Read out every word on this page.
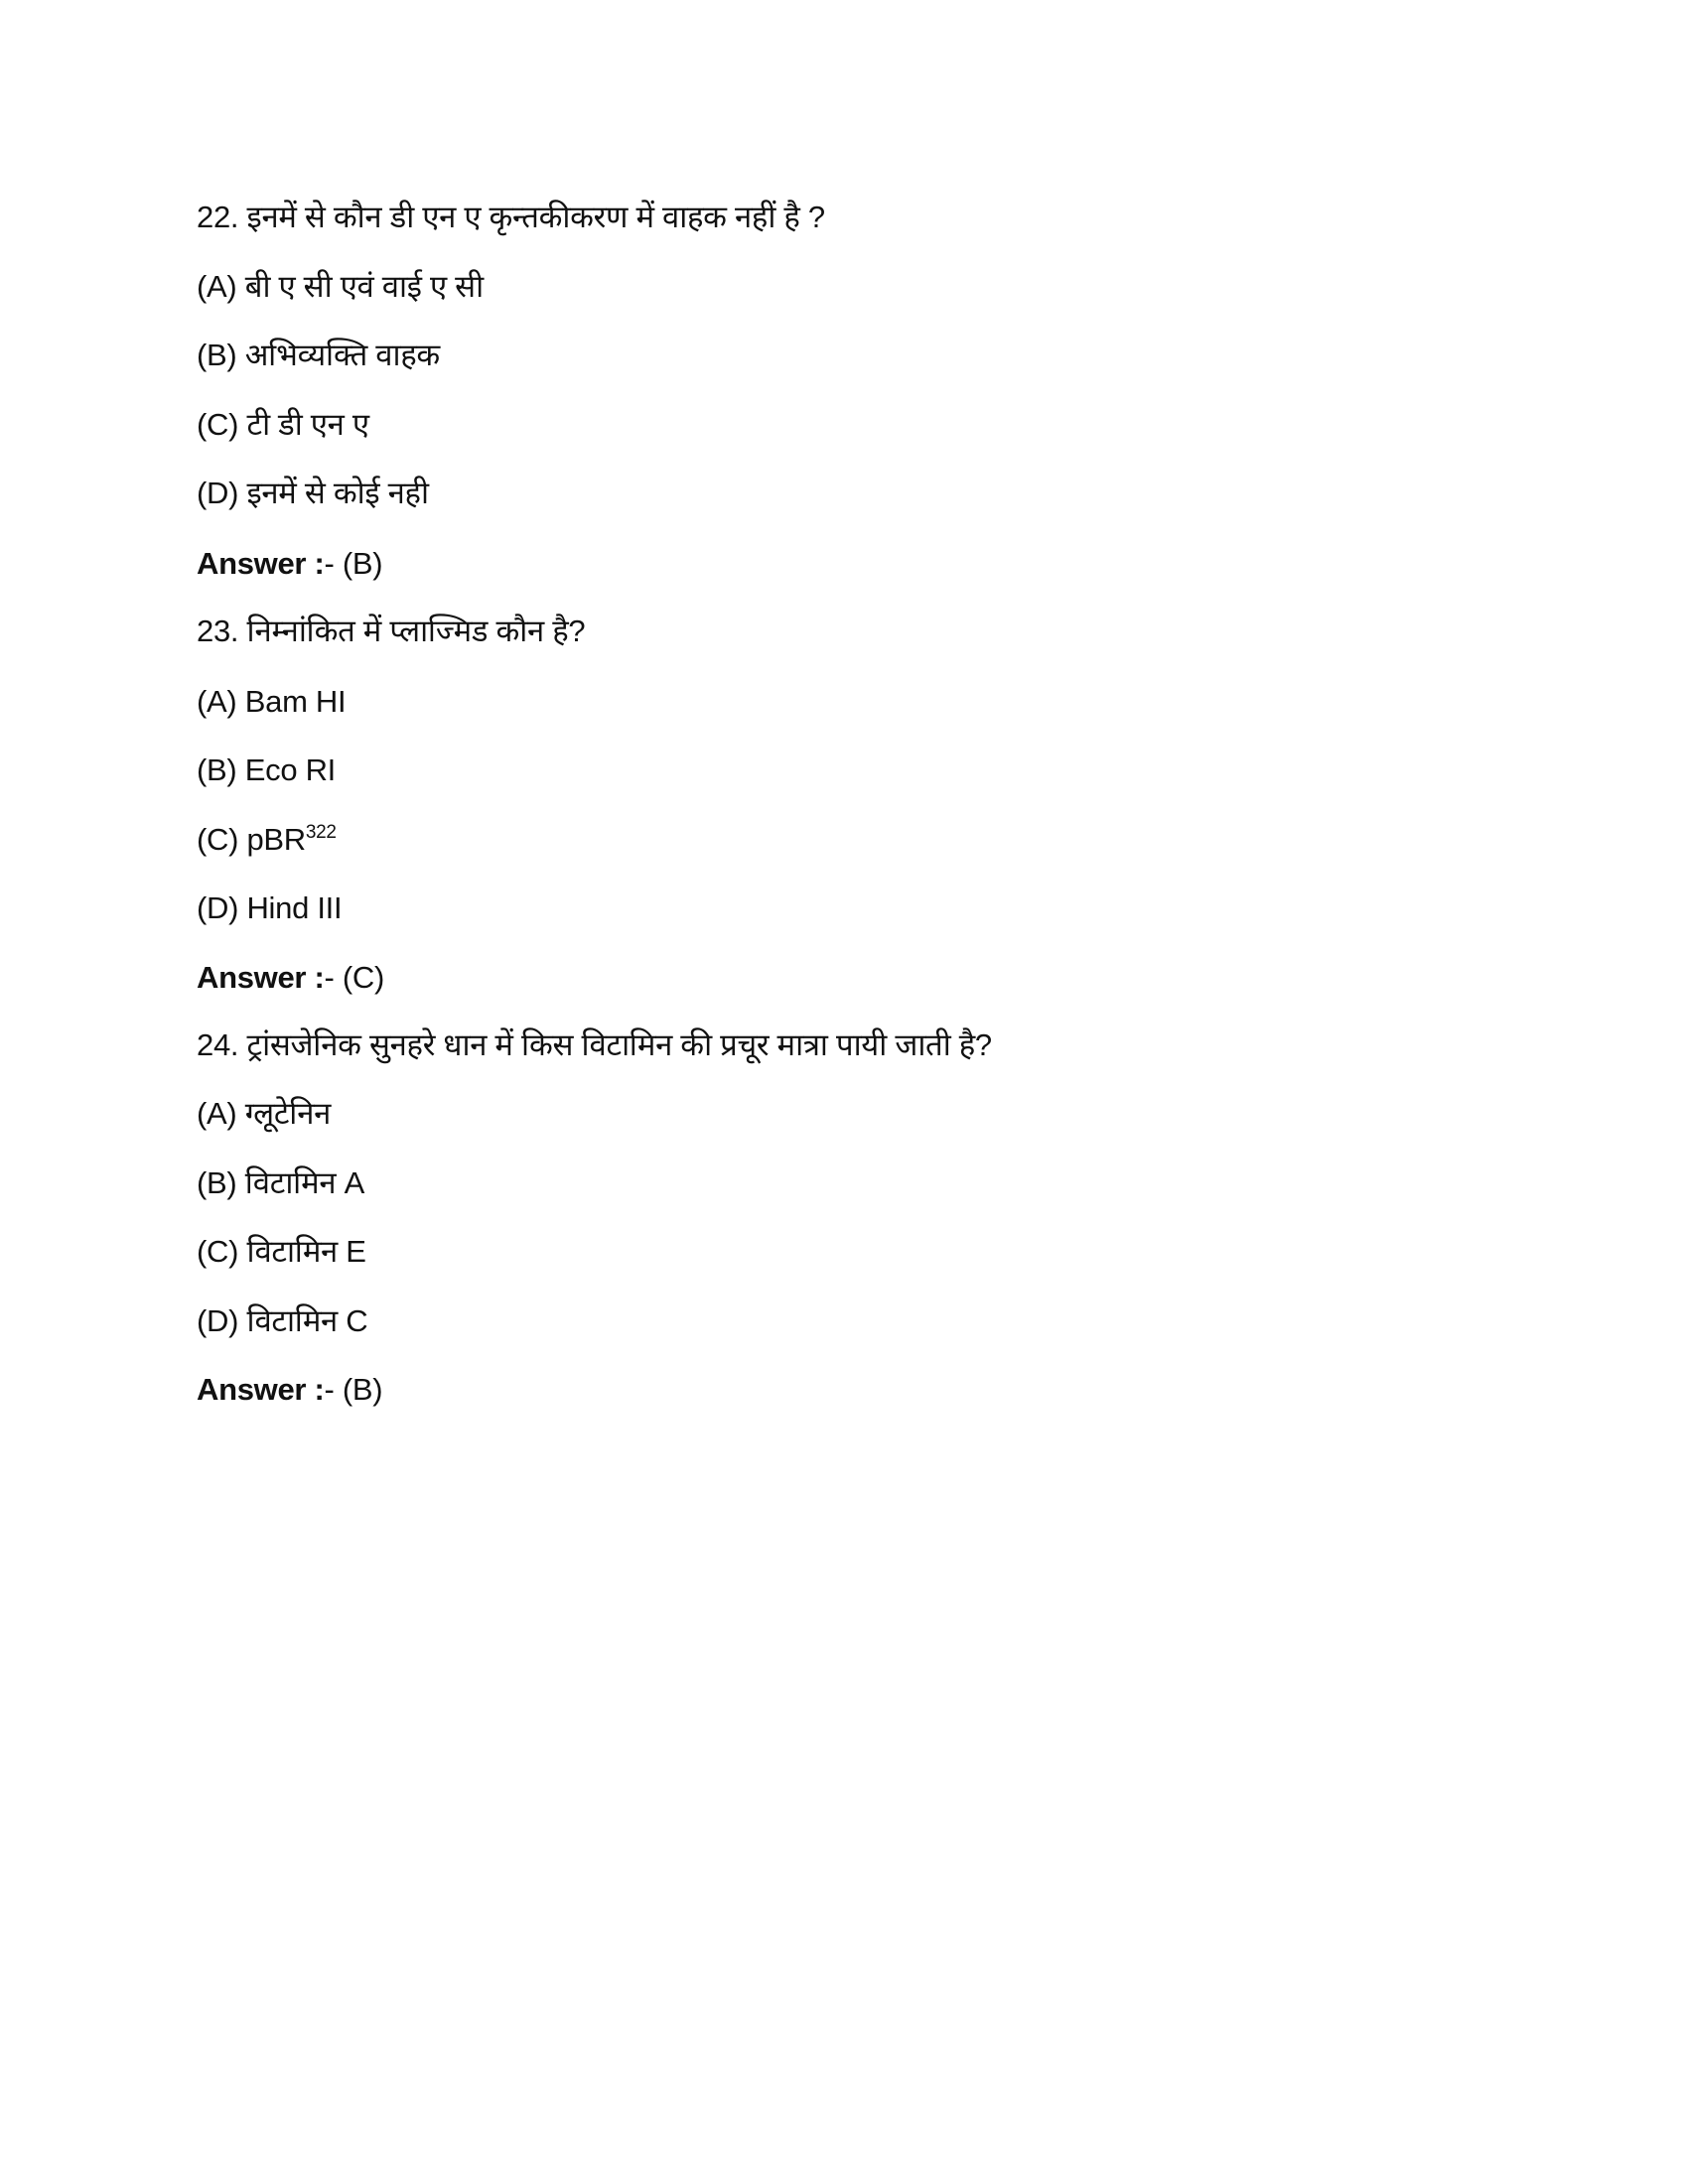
22. इनमें से कौन डी एन ए कृन्तकीकरण में वाहक नहीं है ?
(A) बी ए सी एवं वाई ए सी
(B) अभिव्यक्ति वाहक
(C) टी डी एन ए
(D) इनमें से कोई नही
Answer :- (B)
23. निम्नांकित में प्लाज्मिड कौन है?
(A) Bam HI
(B) Eco RI
(C) pBR$^{322}$
(D) Hind III
Answer :- (C)
24. ट्रांसजेनिक सुनहरे धान में किस विटामिन की प्रचूर मात्रा पायी जाती है?
(A) ग्लूटेनिन
(B) विटामिन A
(C) विटामिन E
(D) विटामिन C
Answer :- (B)
